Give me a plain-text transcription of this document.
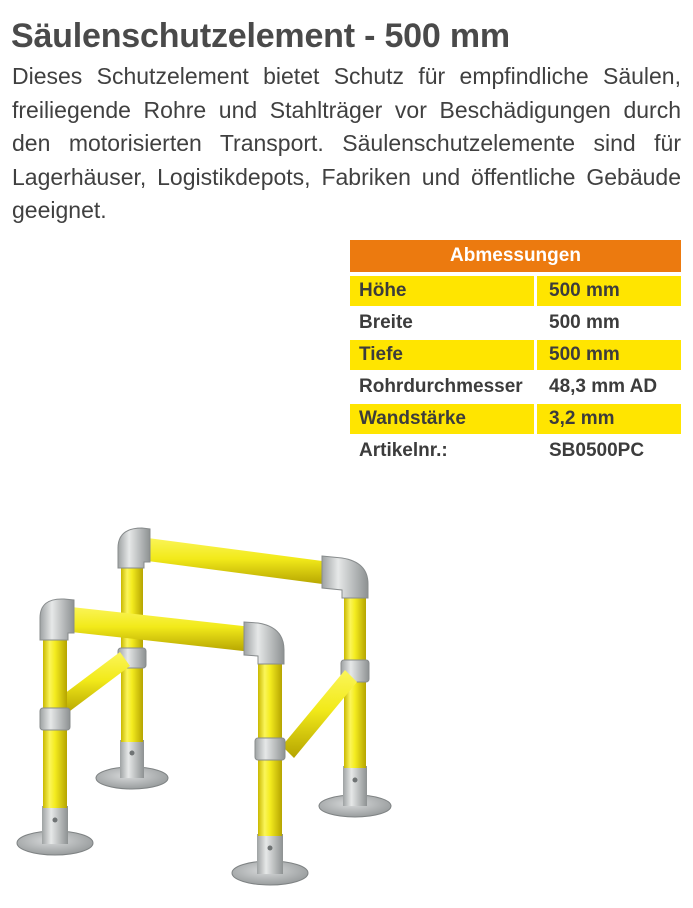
Säulenschutzelement - 500 mm

Dieses Schutzelement bietet Schutz für empfindliche Säulen, freiliegende Rohre und Stahlträger vor Beschädigungen durch den motorisierten Transport. Säulenschutzelemente sind für Lagerhäuser, Logistikdepots, Fabriken und öffentliche Gebäude geeignet.

Abmessungen	
Höhe	500 mm
Breite	500 mm
Tiefe	500 mm
Rohrdurchmesser	48,3 mm AD
Wandstärke	3,2 mm
Artikelnr.:	SB0500PC
